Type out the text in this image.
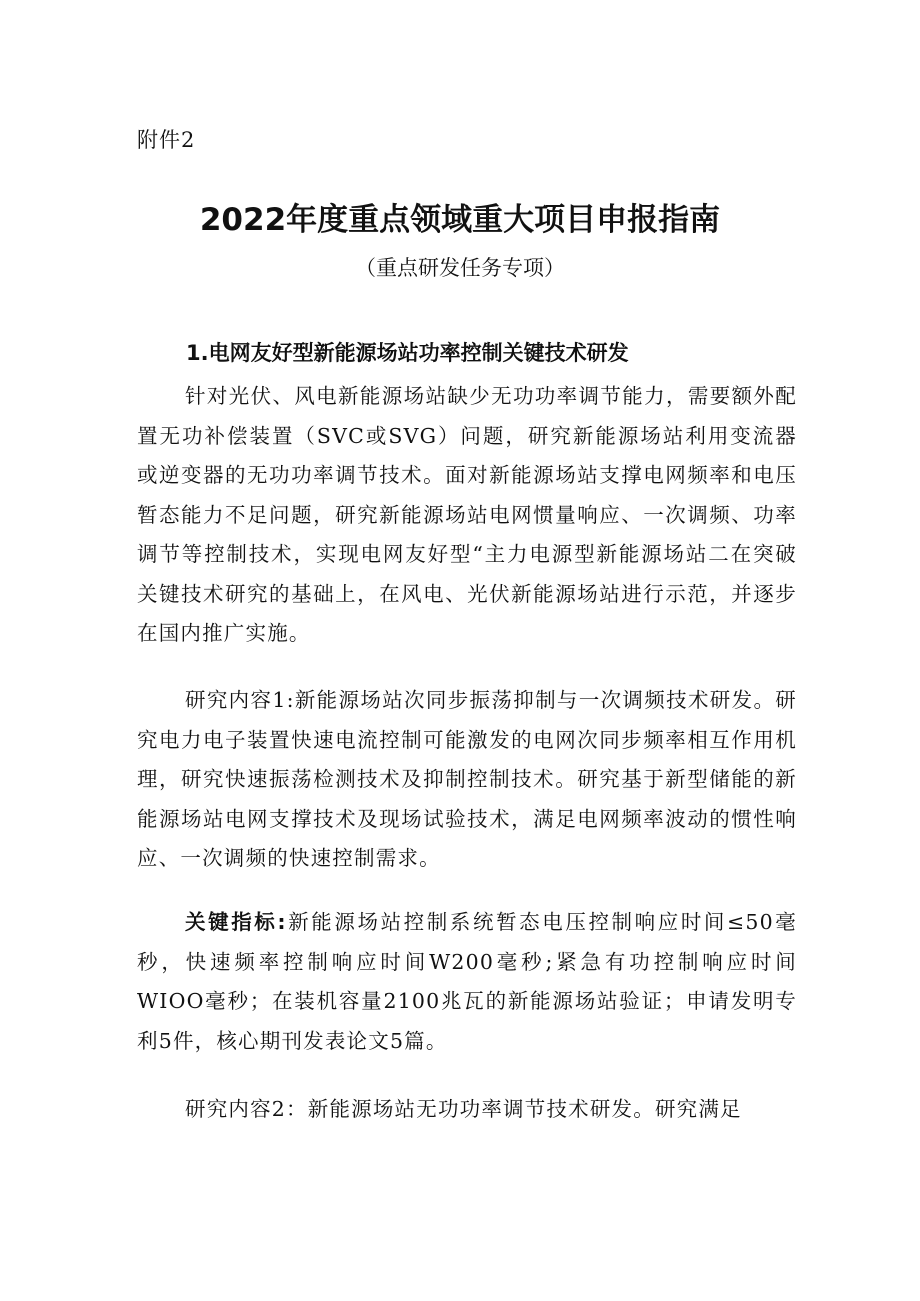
附件2
2022年度重点领域重大项目申报指南
（重点研发任务专项）
1.电网友好型新能源场站功率控制关键技术研发

针对光伏、风电新能源场站缺少无功功率调节能力，需要额外配置无功补偿装置（SVC或SVG）问题，研究新能源场站利用变流器或逆变器的无功功率调节技术。面对新能源场站支撑电网频率和电压暂态能力不足问题，研究新能源场站电网惯量响应、一次调频、功率调节等控制技术，实现电网友好型“主力电源型新能源场站二在突破关键技术研究的基础上，在风电、光伏新能源场站进行示范，并逐步在国内推广实施。

研究内容1:新能源场站次同步振荡抑制与一次调频技术研发。研究电力电子装置快速电流控制可能激发的电网次同步频率相互作用机理，研究快速振荡检测技术及抑制控制技术。研究基于新型储能的新能源场站电网支撑技术及现场试验技术，满足电网频率波动的惯性响应、一次调频的快速控制需求。

关键指标:新能源场站控制系统暂态电压控制响应时间≤50毫秒，快速频率控制响应时间W200毫秒;紧急有功控制响应时间WIOO毫秒；在装机容量2100兆瓦的新能源场站验证；申请发明专利5件，核心期刊发表论文5篇。

研究内容2：新能源场站无功功率调节技术研发。研究满足
